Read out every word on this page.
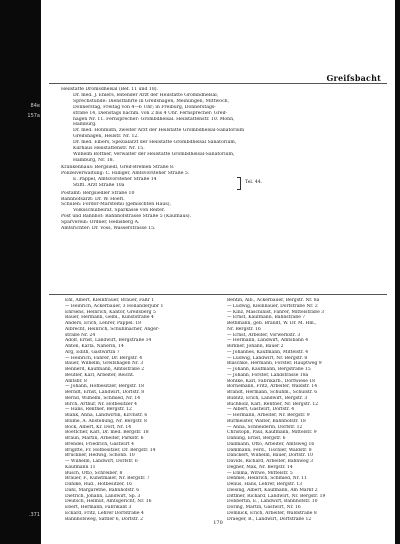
84e
157a
.371
Greifsbacht

Heilstätte Dromsdhelsal (Bef. 11 und 18).

Dr. med. J. Ehlers, leitender Arzt der Heilstätte Grombdhelsal,

Sprechstunde: Dienstfahrte in Greifshagen, Meinungen, Mittwoch,

Donnerstag, Freitag von 4—6 Uhr; in Freiburg, Donnerstags-

straße 14, Dienstags nachm. von 2 bis 4 Uhr. Fernsprecher: Greif-

hagen Nr. 11. Fernsprecher: Grombdhelsal. Heilstättenstr. 10. Mohn,

Hamburg.

Dr. med. Hohmuth, zweiter Arzt der Heilstätte Grombdhelsal-Sanatorium

Greifshagen, Heilstr. Nr. 12.

Dr. med. Elbers, Spezialarzt der Heilstätte Grombdhelsal Sanatorium,

Kurhaus Heilstättenstr. Nr. 15.

Wilhelm Böttner, Verwalter der Heilstätte Grombdhelsal-Sanatorium,

Hamburg, Nr. 18.

Krankenhaus: Bergsiedl, Greif-Bremen Straße 8.

Polizeiverwaltung: C. Hilliger, Amtsvorsteher Straße 5.

E. Pappel, Amtsvorsteher Straße 14

Stiftl. Arzt Straße 10a

Tel. 44.

Postamt: Bergsiedler Straße 10

Bahnhofsarzt: Dr. W. Hoeft.

Schulen: Fördor-Marstemu (gemischten Haus),

Volksschulbeirat, Sparkasse von Reiter.

Post und Bahnhof: Bahnhofstrasse Straße 5 (Kaufhaus).

Sparverein: Ordner, Hellisberg A.

Amtsrichter: Dr. Voss, Wasserstrasse 15.

Ehl, Albert, Kleinfrauer, Brauer, Faßr 1

— Heinrich, Ackerbauer, 3 Hollanderjubr 1

Ehrsens, Heinrich, Kantor, Greifsberg 5

Bauer, Hermann, Gelbl., Kunststraße 4

Anders, Erich, Lehrer, Pappel. 18

Albrecht, Heinrich, Schuhmacher, Anger-

straße Nr. 24

Adolf, Ernst, Landwirt, Bergstraße 14

Anten, Karla, Näherin, 14

Arg, Edith, Gastwirtin 7

— Heinrich, Fahrer, Dr. Bergstr. 4

Bauer, Wilhelm, Greifshagen Nr. 3

Bennerd, Kaufmann, Amtsstraße 2

Beutler, Karl, Arbeiter, Reicht.

Amtsbr. 8

— Johann, Hofbesitzer, Bergstr. 18

Berndt, Ernst, Landwirt, Dorfstr. 8

Bernd, Wilhelm, Schmied, Nr. 14

Birch, Arthur, Nr. Hofbesitzer 4

— Hans, Rentner, Bergstr. 12

Blank, Anna, Landwirtin, Kirchstr. 6

Blume, A. Anstellung, Nr. Bergstr. 8

Bock, Albert, Kr. Dorf, Nr. 14

Boettcher, Karl, Dr. med. Bergstr. 18

Braun, Martin, Arbeiter, Parkstr. 6

Brendel, Friedrich, Gastwirt 4

Brigitte, Fr. Hofbesitzer, Dr. Bergstr. 14

Brückner, Hedwig, Schönb. 10

— Wilhelm, Landwirt, Dorfstr. 6

Kaufmann 11

Busch, Otto, Schreiber, 8

Brauer, F., Kunstmaler, Nr. Bergstr. 7

Dahlke, Rud., Hofbesitzer, 16

Dahl, Margarethe, Bahnhofstr. 6

Dietrich, Johann, Landwirt, Sp. 3

Deutsch, Helmut, Amtsgericht, Nr. 16

Ebert, Hermann, Fabrikant 3

Eckard, Fritz, Lehrer Dorfstraße 4

Bahnhofsweg, Sattler 6, Dorfstr. 2

Bentin, Alb., Ackerbauer, Bergstr. Nr. 8a

— Ludwig, Kleinbauer, Dorfstraße Nr. 2

— Kinz, Maschinist, Fahrer, Mittelstraße 3

— Ernst, Kaufmann, Bahnstraße 7

Bethmann, geb. Brandt, W. Dr. M. Hm.,

Nr. Bergstr. 16

— Ernst, Arbeiter, Vorwerkstr. 3

— Hermann, Landwirt, Amtsbahn 4

Birkner, Johann, Bauer 2

— Johannes, Kaufmann, Mittelstr. 4

— Ludwig, Landwirt, Nr. Bergstr. 8

Blaschke, Hermann, Förster, Hauptweg 9

— Johann, Kaufmann, Bergstraße 15

— Johann, Förster, Landstrasse 18a

Bohlke, Karl, Fabrikarb., Dorfwiese 18

Bornemann, Fritz, Arbeiter, Waldstr. 14

Brandt, Hermann, Schuhm., Schulstr. 6

Bublitz, Erich, Landwirt, Bergstr. 3

Buchholz, Karl, Rentner, Nr. Bergstr. 12

— Albert, Gastwirt, Dorfstr. 4

— Hermann, Arbeiter, Nr. Bergstr. 9

Burmeister, Walter, Bahnhofstr. 18

— Anna, Schneiderin, Dorfstr. 12

Christoph, Paul, Kaufmann, Mittelstr. 9

Dähling, Ernst, Bergstr. 6

Dallmann, Otto, Arbeiter, Amtsweg 16

Dammann, Ferd., Tischler, Waldstr. 8

Danckert, Wilhelm, Bauer, Dorfstr. 10

Davids, Richard, Arbeiter, Bahnweg 3

Degner, Max, Nr. Bergstr. 14

— Emma, Witwe, Mittelstr. 5

Dehmel, Heinrich, Schmied, Nr. 11

Delius, Hans, Lehrer, Bergstr. 13

Diesing, Albert, Kaufmann, Am Markt 2

Dittmer, Richard, Landwirt, Nr. Bergstr. 19

Dobbertin, E., Landwirt, Bahnhofstr. 10

Döring, Martin, Gastwirt, Nr. 16

Domnick, Erich, Arbeiter, Waldstraße 8

Draeger, B., Landwirt, Dorfstraße 12

170
